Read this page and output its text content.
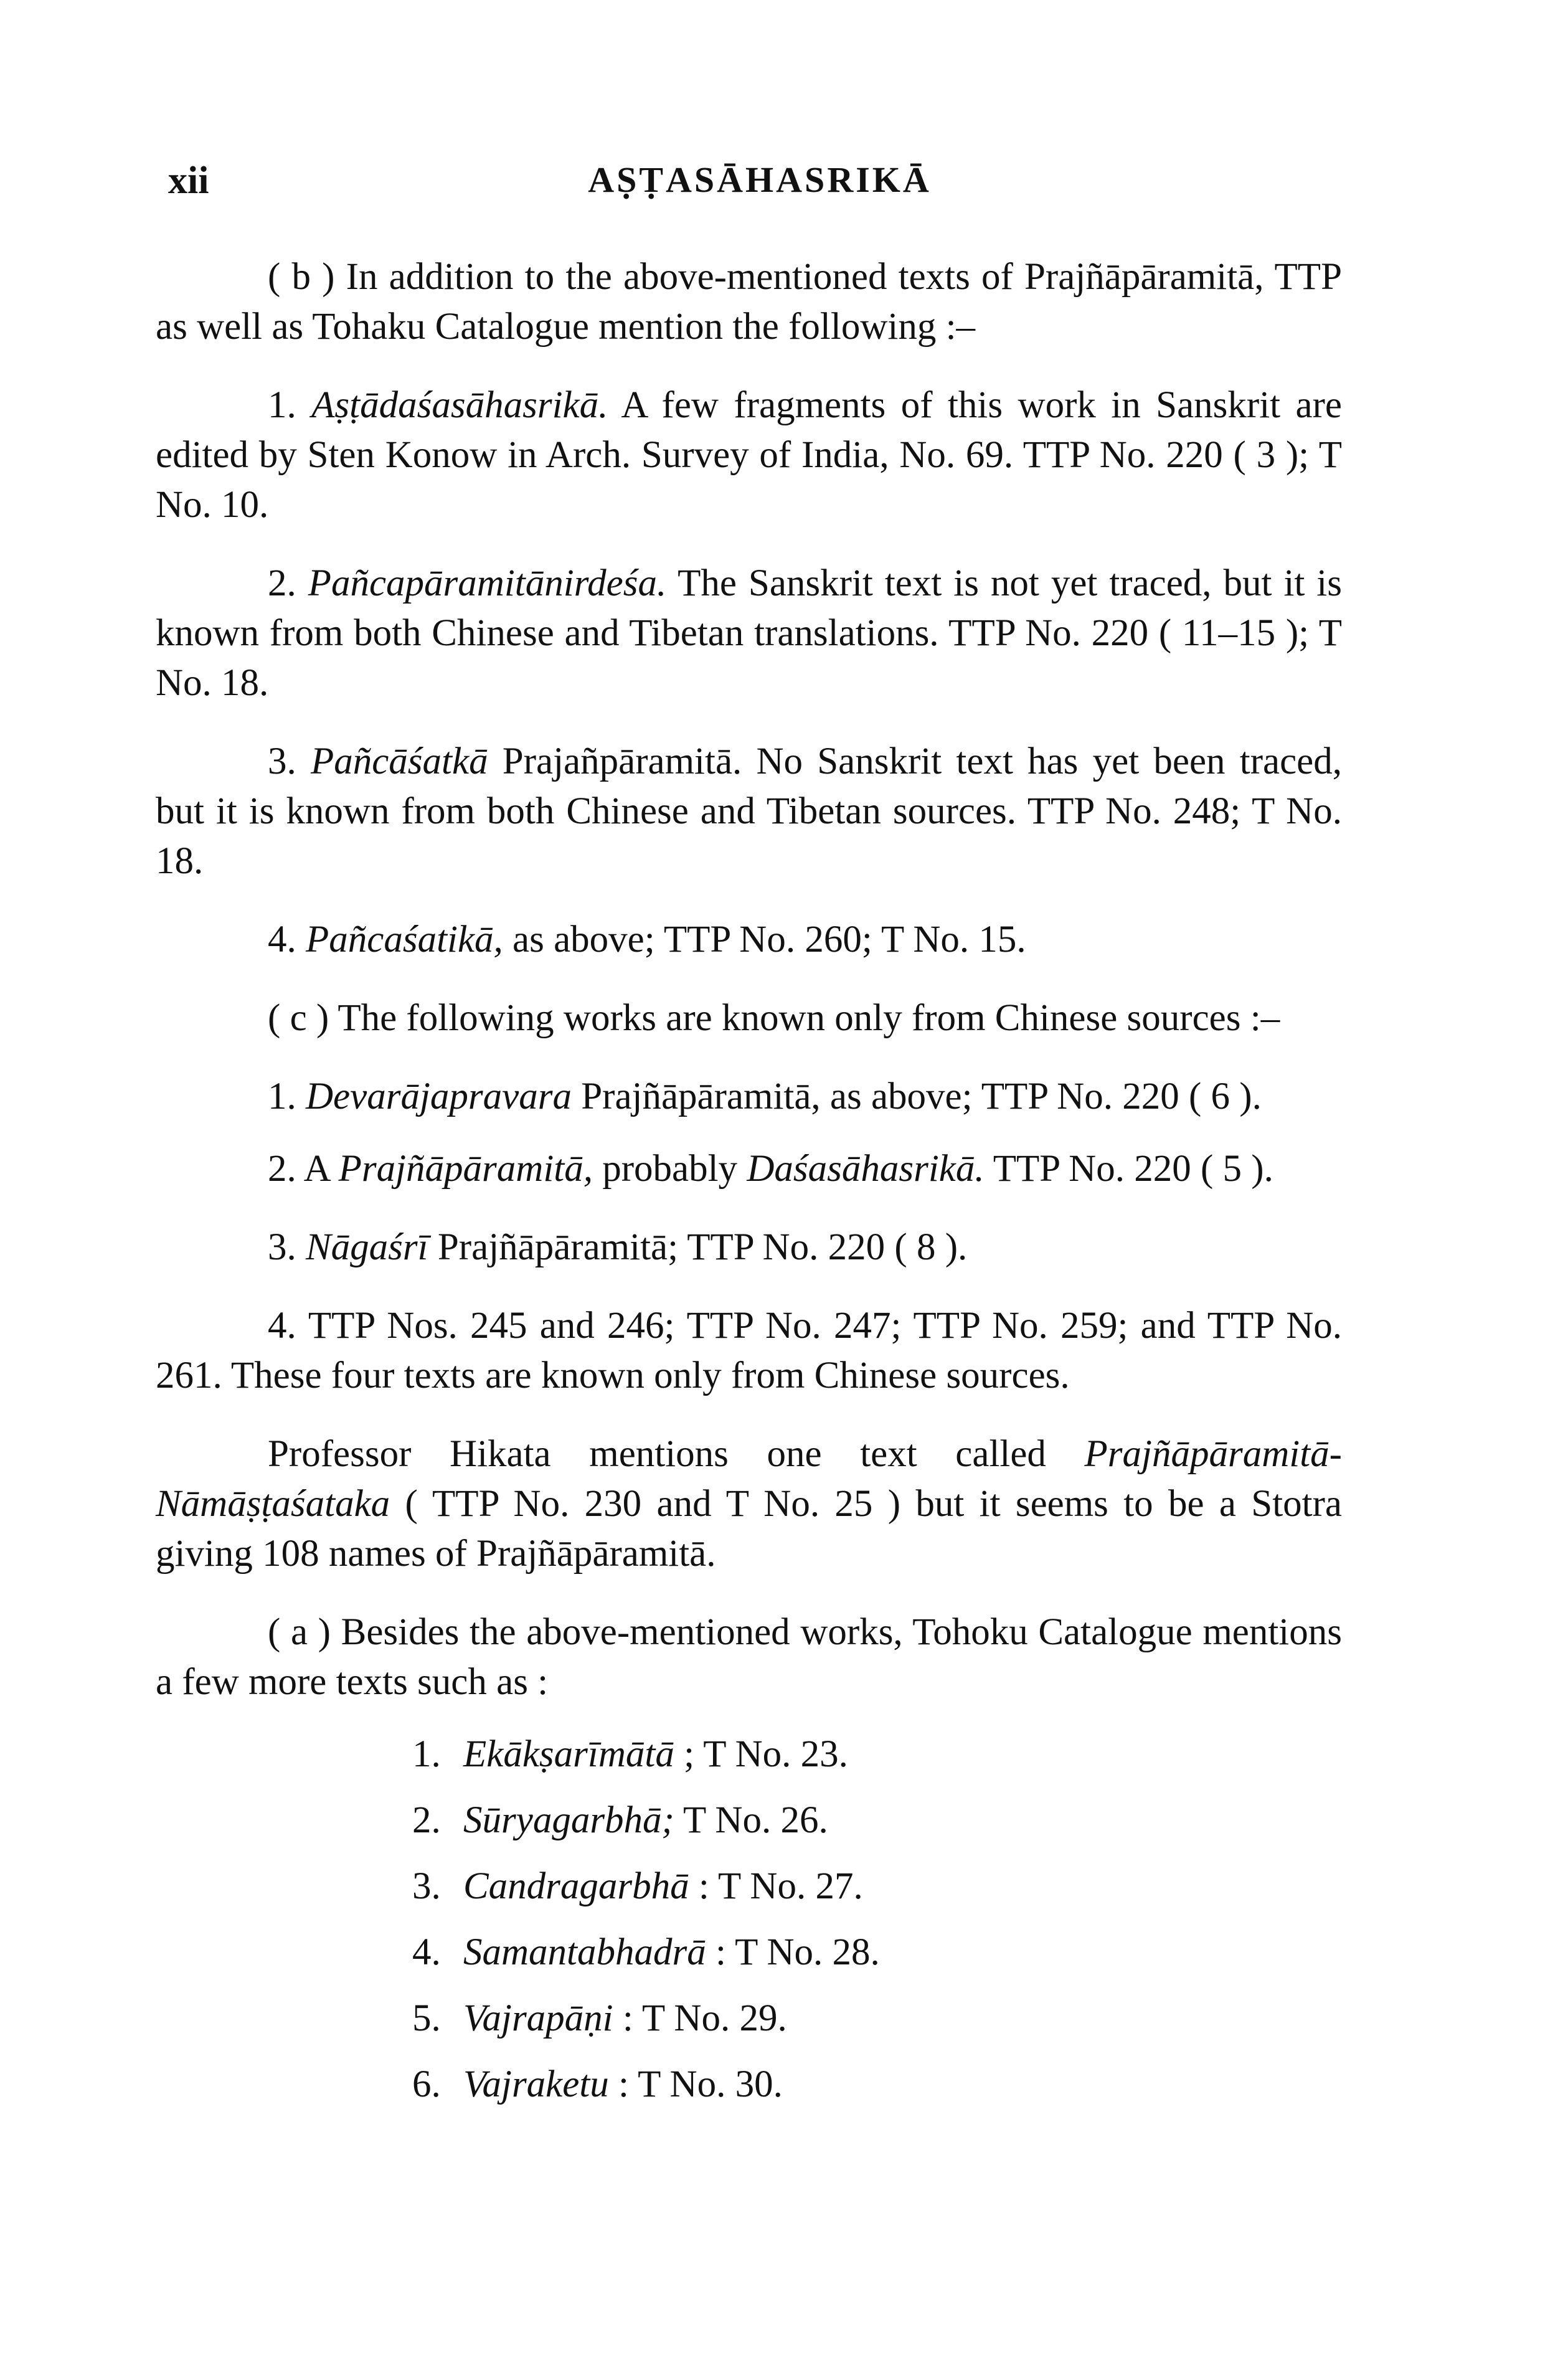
xii	AṢṬASĀHASRIKĀ

( b ) In addition to the above-mentioned texts of Prajñāpāramitā, TTP as well as Tohaku Catalogue mention the following :–

1. Aṣṭādaśasāhasrikā. A few fragments of this work in Sanskrit are edited by Sten Konow in Arch. Survey of India, No. 69. TTP No. 220 ( 3 ); T No. 10.

2. Pañcapāramitānirdeśa. The Sanskrit text is not yet traced, but it is known from both Chinese and Tibetan translations. TTP No. 220 ( 11–15 ); T No. 18.

3. Pañcāśatkā Prajañpāramitā. No Sanskrit text has yet been traced, but it is known from both Chinese and Tibetan sources. TTP No. 248; T No. 18.

4. Pañcaśatikā, as above; TTP No. 260; T No. 15.

( c ) The following works are known only from Chinese sources :–

1. Devarājapravara Prajñāpāramitā, as above; TTP No. 220 ( 6 ).

2. A Prajñāpāramitā, probably Daśasāhasrikā. TTP No. 220 ( 5 ).

3. Nāgaśrī Prajñāpāramitā; TTP No. 220 ( 8 ).

4. TTP Nos. 245 and 246; TTP No. 247; TTP No. 259; and TTP No. 261. These four texts are known only from Chinese sources.

Professor Hikata mentions one text called Prajñāpāramitā-Nāmāṣṭaśataka ( TTP No. 230 and T No. 25 ) but it seems to be a Stotra giving 108 names of Prajñāpāramitā.

( a ) Besides the above-mentioned works, Tohoku Catalogue mentions a few more texts such as :

1. Ekākṣarīmātā ; T No. 23.
2. Sūryagarbhā; T No. 26.
3. Candragarbhā : T No. 27.
4. Samantabhadrā : T No. 28.
5. Vajrapāṇi : T No. 29.
6. Vajraketu : T No. 30.
